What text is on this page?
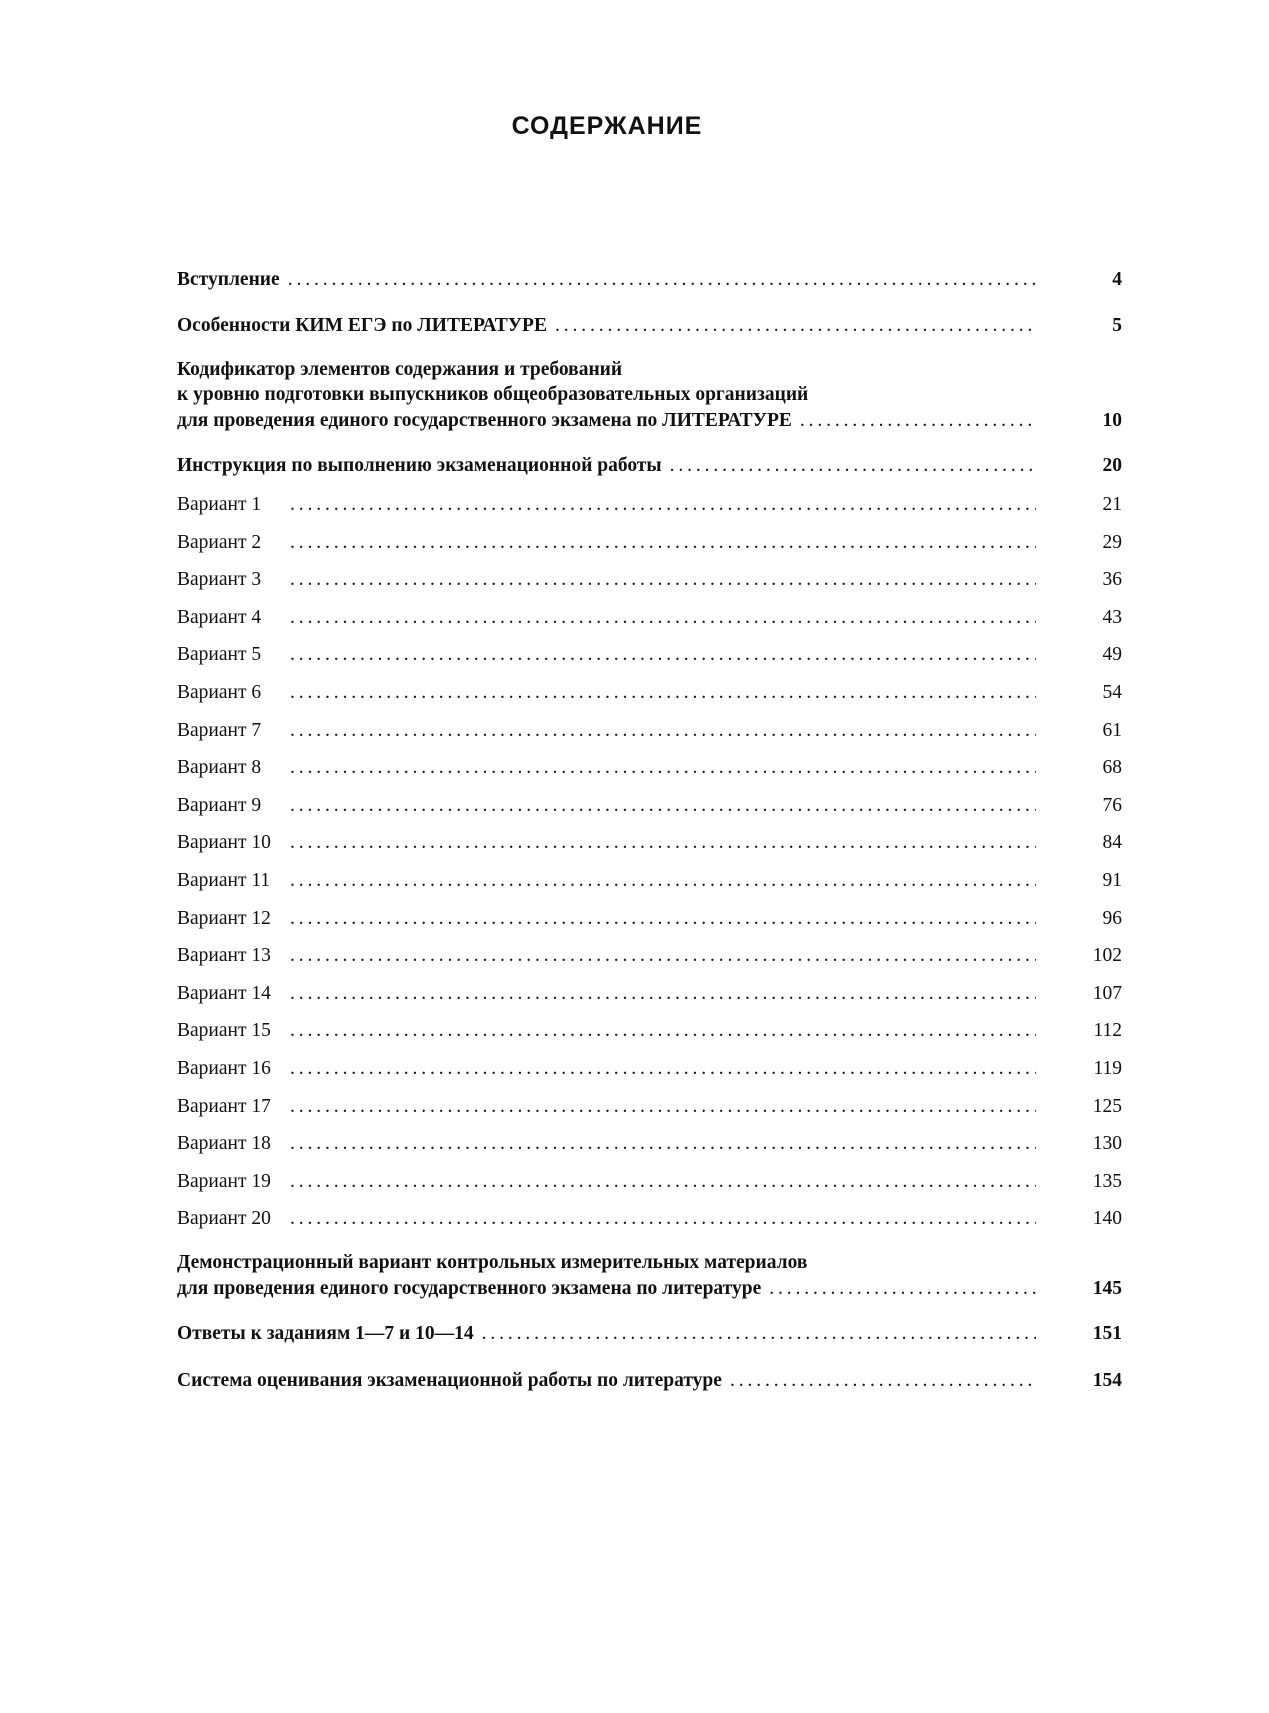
СОДЕРЖАНИЕ
Вступление . . .	4
Особенности КИМ ЕГЭ по ЛИТЕРАТУРЕ . . .	5
Кодификатор элементов содержания и требований
к уровню подготовки выпускников общеобразовательных организаций
для проведения единого государственного экзамена по ЛИТЕРАТУРЕ . . .	10
Инструкция по выполнению экзаменационной работы . . .	20
Вариант 1 . . .	21
Вариант 2 . . .	29
Вариант 3 . . .	36
Вариант 4 . . .	43
Вариант 5 . . .	49
Вариант 6 . . .	54
Вариант 7 . . .	61
Вариант 8 . . .	68
Вариант 9 . . .	76
Вариант 10 . . .	84
Вариант 11 . . .	91
Вариант 12 . . .	96
Вариант 13 . . .	102
Вариант 14 . . .	107
Вариант 15 . . .	112
Вариант 16 . . .	119
Вариант 17 . . .	125
Вариант 18 . . .	130
Вариант 19 . . .	135
Вариант 20 . . .	140
Демонстрационный вариант контрольных измерительных материалов
для проведения единого государственного экзамена по литературе . . .	145
Ответы к заданиям 1—7 и 10—14 . . .	151
Система оценивания экзаменационной работы по литературе . . .	154
